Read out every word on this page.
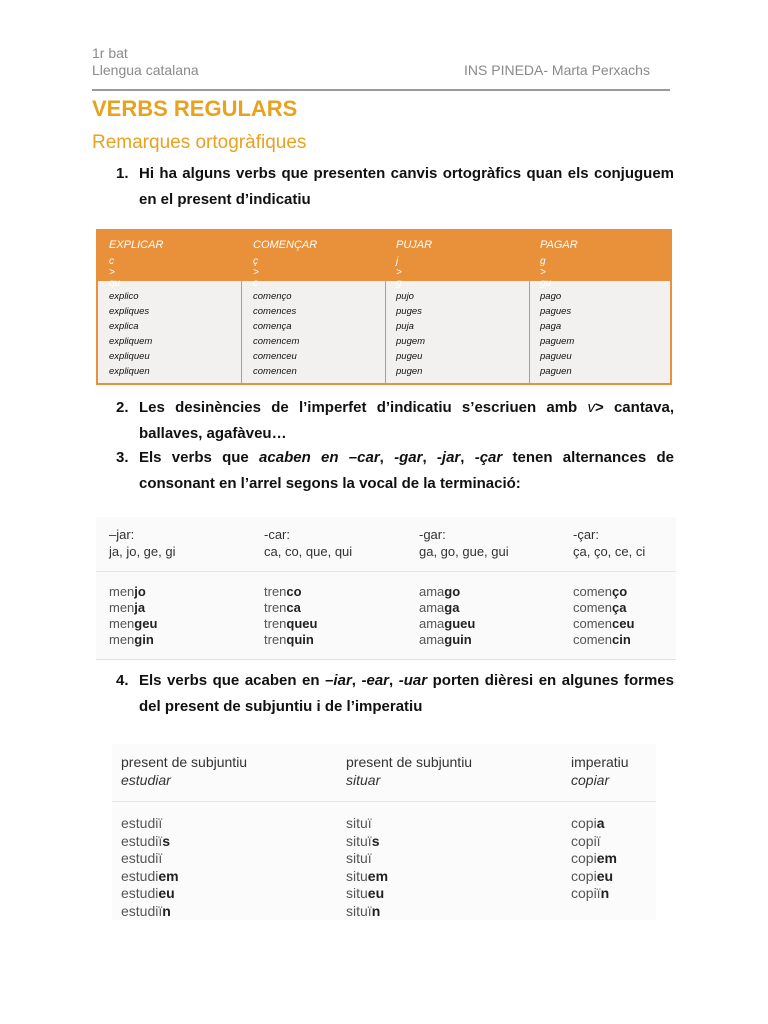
1r bat
Llengua catalana	INS PINEDA- Marta Perxachs
VERBS REGULARS
Remarques ortogràfiques
1. Hi ha alguns verbs que presenten canvis ortogràfics quan els conjuguem en el present d’indicatiu
EXPLICAR
c > qu
explico
expliques
explica
expliquem
expliqueu
expliquen
COMENÇAR
ç > c
començo
comences
comença
comencem
comenceu
comencen
PUJAR
j > g
pujo
puges
puja
pugem
pugeu
pugen
PAGAR
g > gu
pago
pagues
paga
paguem
pagueu
paguen
2. Les desinències de l’imperfet d’indicatiu s’escriuen amb v> cantava, ballaves, agafàveu…
3. Els verbs que acaben en –car, -gar, -jar, -çar tenen alternances de consonant en l’arrel segons la vocal de la terminació:
–jar:
ja, jo, ge, gi
menjo
menja
mengeu
mengin
-car:
ca, co, que, qui
trenco
trenca
trenqueu
trenquin
-gar:
ga, go, gue, gui
amago
amaga
amagueu
amaguin
-çar:
ça, ço, ce, ci
començo
comença
comenceu
comencin
4. Els verbs que acaben en –iar, -ear, -uar porten dièresi en algunes formes del present de subjuntiu i de l’imperatiu
present de subjuntiu
estudiar
estudiï
estudiïs
estudiï
estudiem
estudieu
estudiïn
present de subjuntiu
situar
situï
situïs
situï
situem
situeu
situïn
imperatiu
copiar
copia
copiï
copiem
copieu
copiïn
